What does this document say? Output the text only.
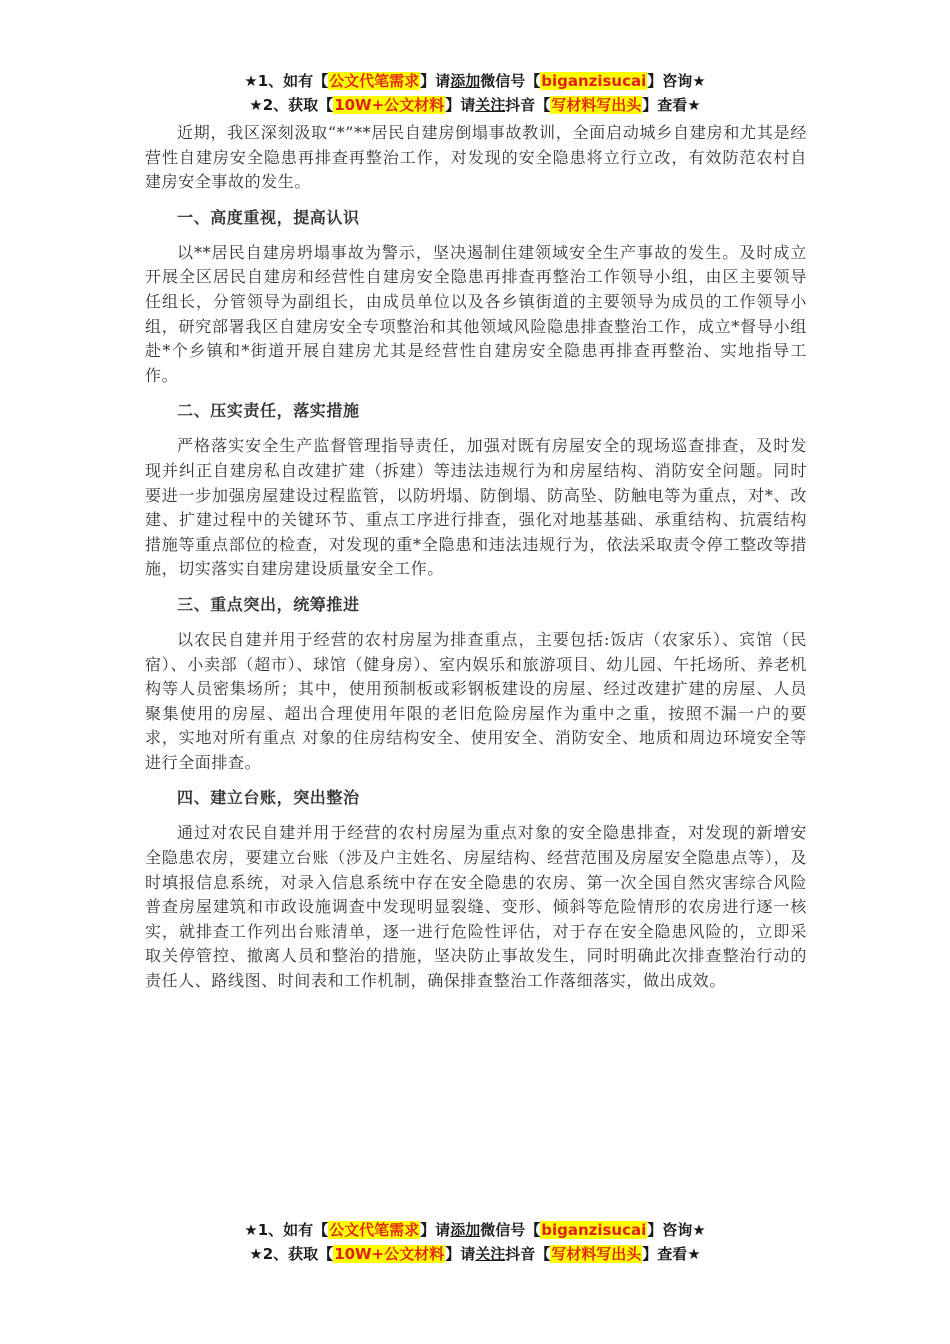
★1、如有【公文代笔需求】请添加微信号【biganzisucai】咨询★
★2、获取【10W+公文材料】请关注抖音【写材料写出头】查看★

近期，我区深刻汲取“*”**居民自建房倒塌事故教训，全面启动城乡自建房和尤其是经营性自建房安全隐患再排查再整治工作，对发现的安全隐患将立行立改，有效防范农村自建房安全事故的发生。

一、高度重视，提高认识

以**居民自建房坍塌事故为警示，坚决遏制住建领域安全生产事故的发生。及时成立开展全区居民自建房和经营性自建房安全隐患再排查再整治工作领导小组，由区主要领导任组长，分管领导为副组长，由成员单位以及各乡镇街道的主要领导为成员的工作领导小组，研究部署我区自建房安全专项整治和其他领域风险隐患排查整治工作，成立*督导小组赴*个乡镇和*街道开展自建房尤其是经营性自建房安全隐患再排查再整治、实地指导工作。

二、压实责任，落实措施

严格落实安全生产监督管理指导责任，加强对既有房屋安全的现场巡查排查，及时发现并纠正自建房私自改建扩建（拆建）等违法违规行为和房屋结构、消防安全问题。同时要进一步加强房屋建设过程监管，以防坍塌、防倒塌、防高坠、防触电等为重点，对*、改建、扩建过程中的关键环节、重点工序进行排查，强化对地基基础、承重结构、抗震结构措施等重点部位的检查，对发现的重*全隐患和违法违规行为，依法采取责令停工整改等措施，切实落实自建房建设质量安全工作。

三、重点突出，统筹推进

以农民自建并用于经营的农村房屋为排查重点，主要包括:饭店（农家乐）、宾馆（民宿）、小卖部（超市）、球馆（健身房）、室内娱乐和旅游项目、幼儿园、午托场所、养老机构等人员密集场所；其中，使用预制板或彩钢板建设的房屋、经过改建扩建的房屋、人员聚集使用的房屋、超出合理使用年限的老旧危险房屋作为重中之重，按照不漏一户的要求，实地对所有重点 对象的住房结构安全、使用安全、消防安全、地质和周边环境安全等进行全面排查。

四、建立台账，突出整治

通过对农民自建并用于经营的农村房屋为重点对象的安全隐患排查，对发现的新增安全隐患农房，要建立台账（涉及户主姓名、房屋结构、经营范围及房屋安全隐患点等），及时填报信息系统，对录入信息系统中存在安全隐患的农房、第一次全国自然灾害综合风险普查房屋建筑和市政设施调查中发现明显裂缝、变形、倾斜等危险情形的农房进行逐一核实，就排查工作列出台账清单，逐一进行危险性评估，对于存在安全隐患风险的，立即采取关停管控、撤离人员和整治的措施，坚决防止事故发生，同时明确此次排查整治行动的责任人、路线图、时间表和工作机制，确保排查整治工作落细落实，做出成效。

★1、如有【公文代笔需求】请添加微信号【biganzisucai】咨询★
★2、获取【10W+公文材料】请关注抖音【写材料写出头】查看★
